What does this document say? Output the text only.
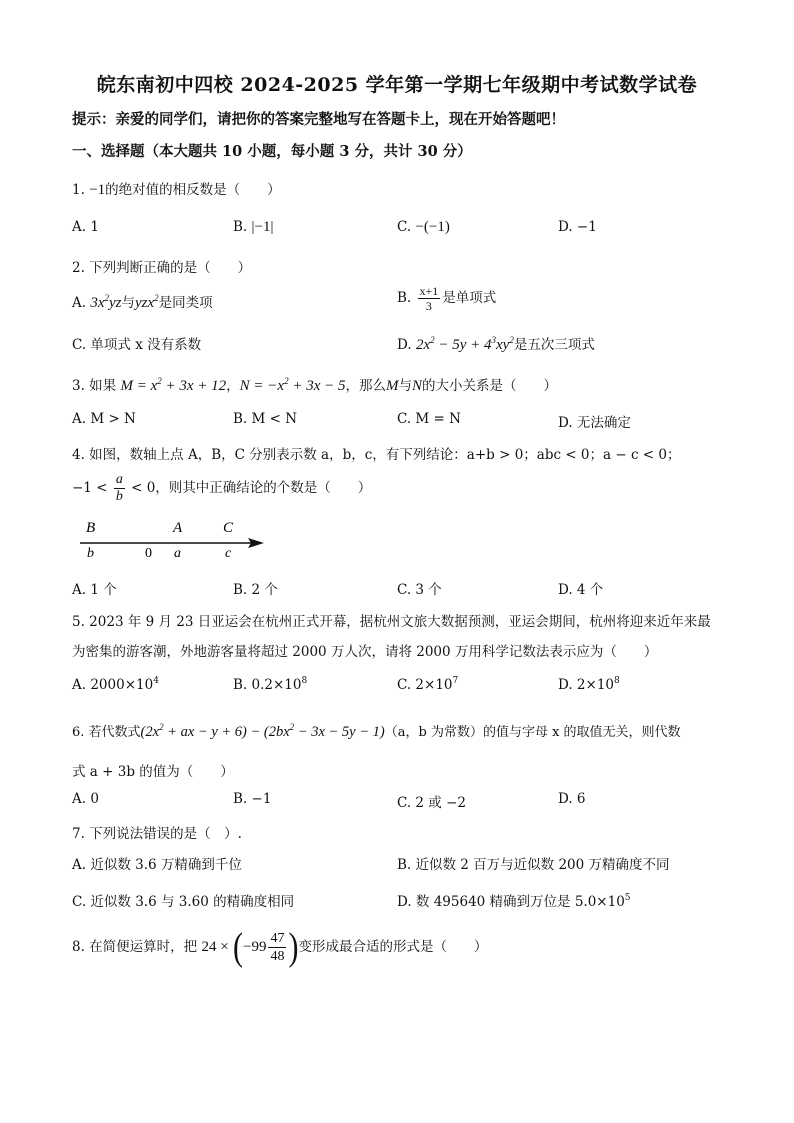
皖东南初中四校 2024-2025 学年第一学期七年级期中考试数学试卷
提示：亲爱的同学们，请把你的答案完整地写在答题卡上，现在开始答题吧！
一、选择题（本大题共 10 小题，每小题 3 分，共计 30 分）
1. −1的绝对值的相反数是（　　）
A. 1	B. |−1|	C. −(−1)	D. −1
2. 下列判断正确的是（　　）
A. $3x^2yz$与yzx$^2$是同类项	B. $\frac{x+1}{3}$ 是单项式
C. 单项式 x 没有系数	D. $2x^2 - 5y + 4^3xy^2$是五次三项式
3. 如果 $M = x^2 + 3x + 12$，$N = -x^2 + 3x - 5$，那么M与N的大小关系是（　　）
A. M > N	B. M < N	C. M = N	D. 无法确定
4. 如图，数轴上点 A，B，C 分别表示数 a，b，c，有下列结论：a+b > 0；abc < 0；a − c < 0；
$-1 < \frac{a}{b} < 0$，则其中正确结论的个数是（　　）
B	A	C
b	0 a	c
A. 1 个	B. 2 个	C. 3 个	D. 4 个
5. 2023 年 9 月 23 日亚运会在杭州正式开幕，据杭州文旅大数据预测，亚运会期间，杭州将迎来近年来最
为密集的游客潮，外地游客量将超过 2000 万人次，请将 2000 万用科学记数法表示应为（　　）
A. $2000\times 10^4$	B. $0.2\times 10^8$	C. $2\times 10^7$	D. $2\times 10^8$
6. 若代数式($2x^2$ + ax − $y + 6) - (2bx^2 - 3x - 5y - 1)(a$，b 为常数）的值与字母 x 的取值无关，则代数
式 a + 3b 的值为（　　）
A. 0	B. −1	C. 2 或 −2	D. 6
7. 下列说法错误的是（　）.
A. 近似数 3.6 万精确到千位	B. 近似数 2 百万与近似数 200 万精确度不同
C. 近似数 3.6 与 3.60 的精确度相同	D. 数 495640 精确到万位是 $5.0\times 10^5$
8. 在简便运算时，把 $24 \times (-99 \frac{47}{48}$ )变形成最合适的形式是（　　）
